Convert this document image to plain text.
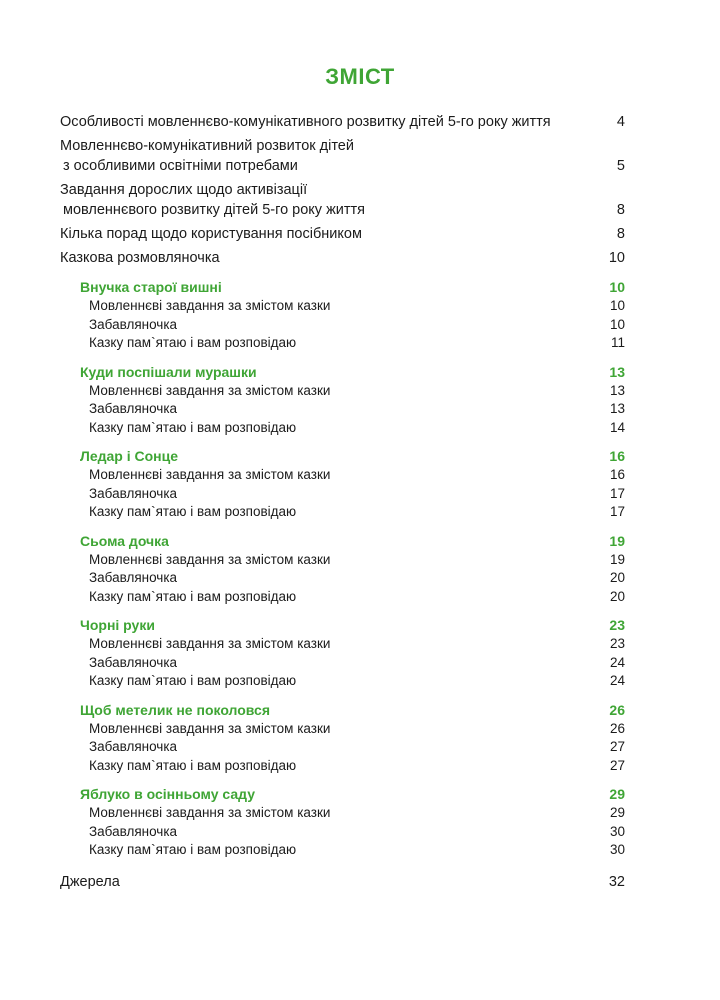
ЗМІСТ
Особливості мовленнєво-комунікативного розвитку дітей 5-го року життя	4
Мовленнєво-комунікативний розвиток дітей
з особливими освітніми потребами	5
Завдання дорослих щодо активізації
мовленнєвого розвитку дітей 5-го року життя	8
Кілька порад щодо користування посібником	8
Казкова розмовляночка	10
Внучка старої вишні	10
Мовленнєві завдання за змістом казки	10
Забавляночка	10
Казку пам`ятаю і вам розповідаю	11
Куди поспішали мурашки	13
Мовленнєві завдання за змістом казки	13
Забавляночка	13
Казку пам`ятаю і вам розповідаю	14
Ледар і Сонце	16
Мовленнєві завдання за змістом казки	16
Забавляночка	17
Казку пам`ятаю і вам розповідаю	17
Сьома дочка	19
Мовленнєві завдання за змістом казки	19
Забавляночка	20
Казку пам`ятаю і вам розповідаю	20
Чорні руки	23
Мовленнєві завдання за змістом казки	23
Забавляночка	24
Казку пам`ятаю і вам розповідаю	24
Щоб метелик не поколовся	26
Мовленнєві завдання за змістом казки	26
Забавляночка	27
Казку пам`ятаю і вам розповідаю	27
Яблуко в осінньому саду	29
Мовленнєві завдання за змістом казки	29
Забавляночка	30
Казку пам`ятаю і вам розповідаю	30
Джерела	32
